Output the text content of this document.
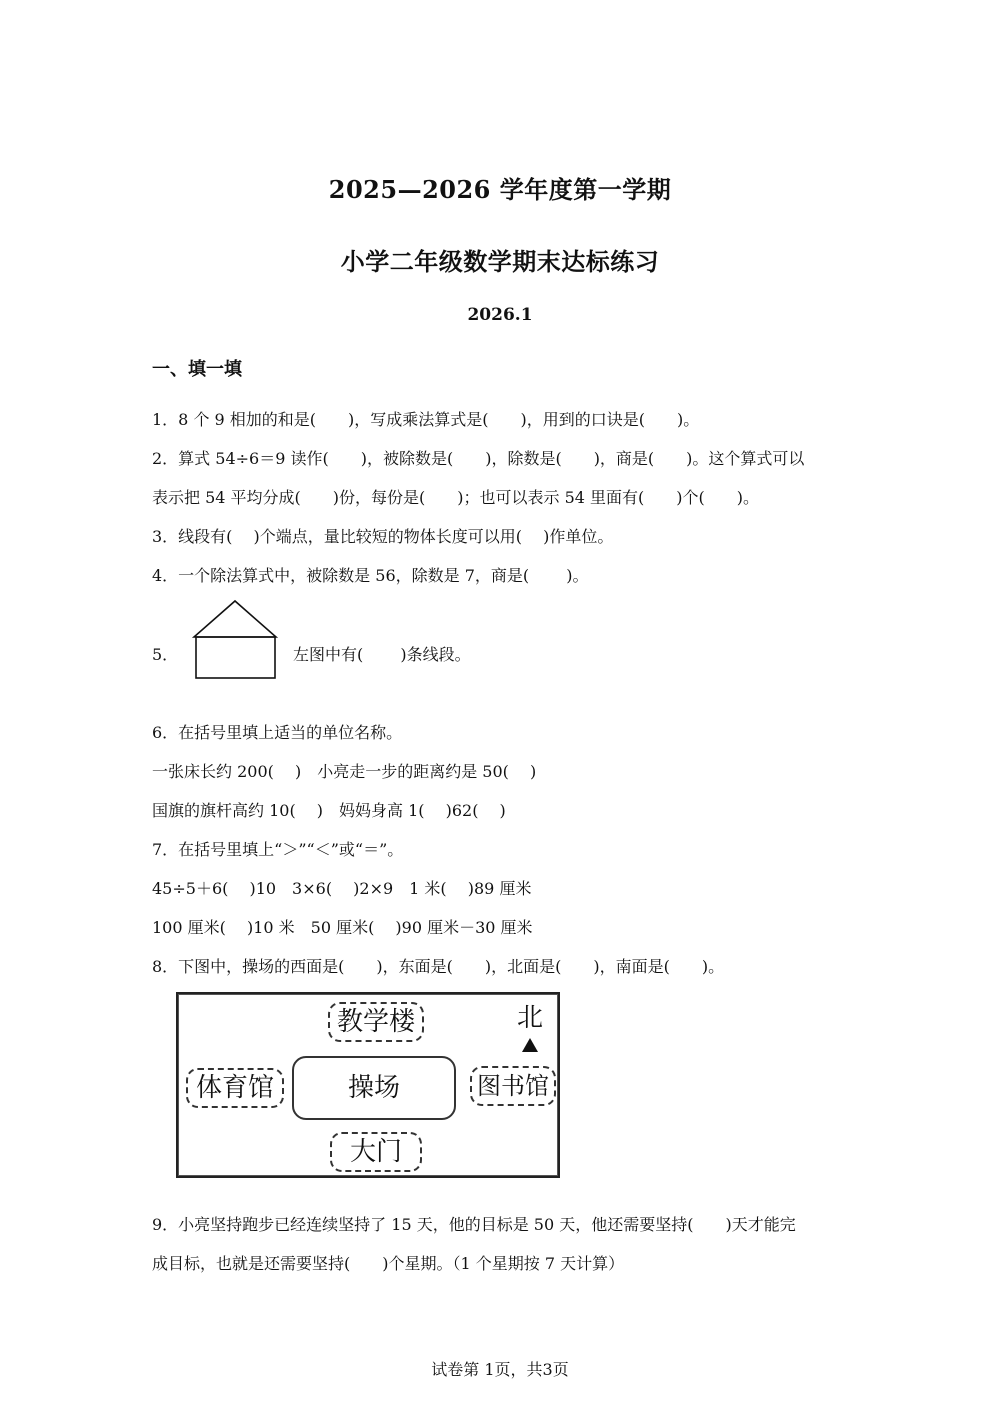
2025—2026 学年度第一学期
小学二年级数学期末达标练习
2026.1
一、填一填
1．8 个 9 相加的和是(　　)，写成乘法算式是(　　)，用到的口诀是(　　)。
2．算式 54÷6＝9 读作(　　)，被除数是(　　)，除数是(　　)，商是(　　)。这个算式可以
表示把 54 平均分成(　　)份，每份是(　　)；也可以表示 54 里面有(　　)个(　　)。
3．线段有(　 )个端点，量比较短的物体长度可以用(　 )作单位。
4．一个除法算式中，被除数是 56，除数是 7，商是(　　 )。
5．	左图中有(　　 )条线段。
6．在括号里填上适当的单位名称。
一张床长约 200(　 )　小亮走一步的距离约是 50(　 )
国旗的旗杆高约 10(　 )　妈妈身高 1(　 )62(　 )
7．在括号里填上“＞”“＜”或“＝”。
45÷5＋6(　 )10　3×6(　 )2×9　1 米(　 )89 厘米
100 厘米(　 )10 米　50 厘米(　 )90 厘米－30 厘米
8．下图中，操场的西面是(　　)，东面是(　　)，北面是(　　)，南面是(　　)。
教学楼	北
体育馆	操场	图书馆
大门
9．小亮坚持跑步已经连续坚持了 15 天，他的目标是 50 天，他还需要坚持(　　)天才能完
成目标，也就是还需要坚持(　　)个星期。（1 个星期按 7 天计算）
试卷第 1页，共3页
